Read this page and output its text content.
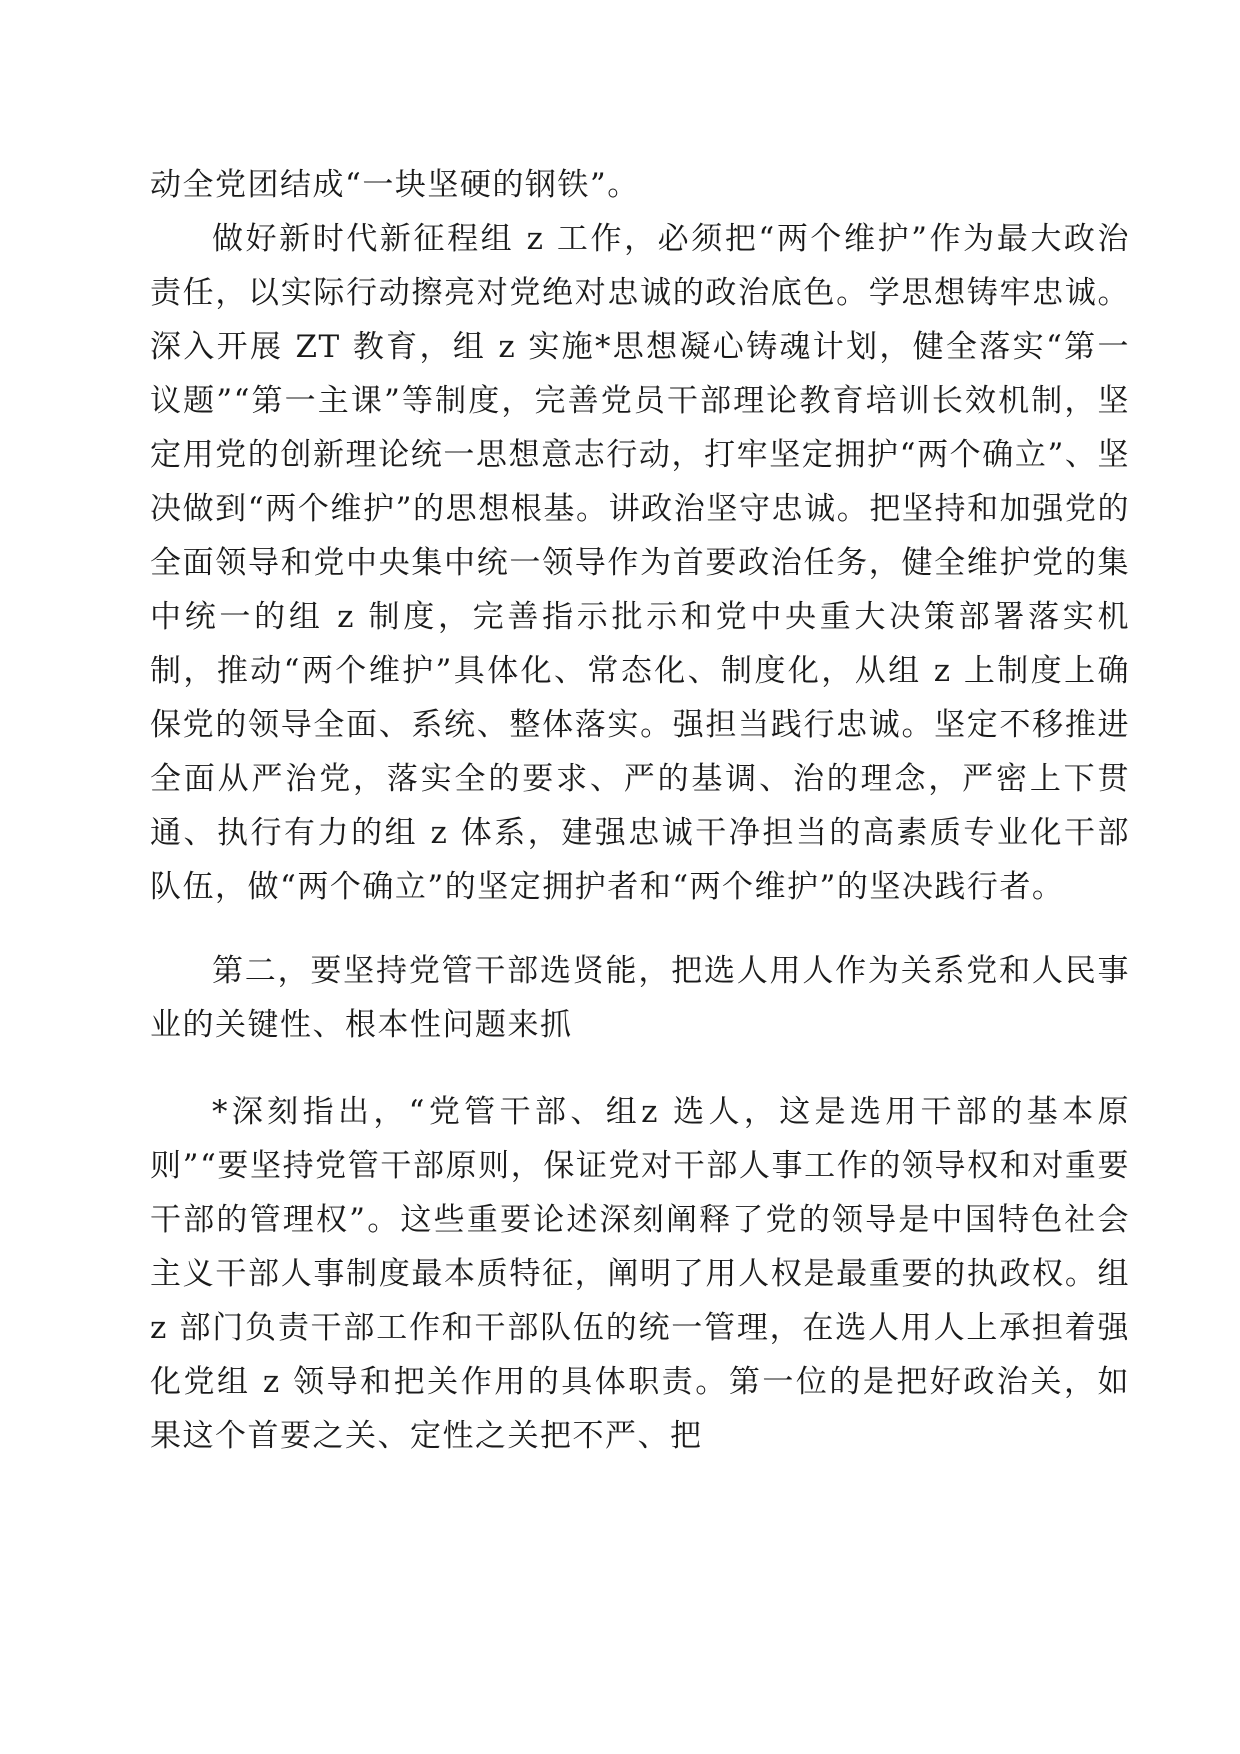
动全党团结成“一块坚硬的钢铁”。

做好新时代新征程组 z 工作，必须把“两个维护”作为最大政治责任，以实际行动擦亮对党绝对忠诚的政治底色。学思想铸牢忠诚。深入开展 ZT 教育，组 z 实施*思想凝心铸魂计划，健全落实“第一议题”“第一主课”等制度，完善党员干部理论教育培训长效机制，坚定用党的创新理论统一思想意志行动，打牢坚定拥护“两个确立”、坚决做到“两个维护”的思想根基。讲政治坚守忠诚。把坚持和加强党的全面领导和党中央集中统一领导作为首要政治任务，健全维护党的集中统一的组 z 制度，完善指示批示和党中央重大决策部署落实机制，推动“两个维护”具体化、常态化、制度化，从组 z 上制度上确保党的领导全面、系统、整体落实。强担当践行忠诚。坚定不移推进全面从严治党，落实全的要求、严的基调、治的理念，严密上下贯通、执行有力的组 z 体系，建强忠诚干净担当的高素质专业化干部队伍，做“两个确立”的坚定拥护者和“两个维护”的坚决践行者。

第二，要坚持党管干部选贤能，把选人用人作为关系党和人民事业的关键性、根本性问题来抓

*深刻指出，“党管干部、组z 选人，这是选用干部的基本原则”“要坚持党管干部原则，保证党对干部人事工作的领导权和对重要干部的管理权”。这些重要论述深刻阐释了党的领导是中国特色社会主义干部人事制度最本质特征，阐明了用人权是最重要的执政权。组 z 部门负责干部工作和干部队伍的统一管理，在选人用人上承担着强化党组 z 领导和把关作用的具体职责。第一位的是把好政治关，如果这个首要之关、定性之关把不严、把
